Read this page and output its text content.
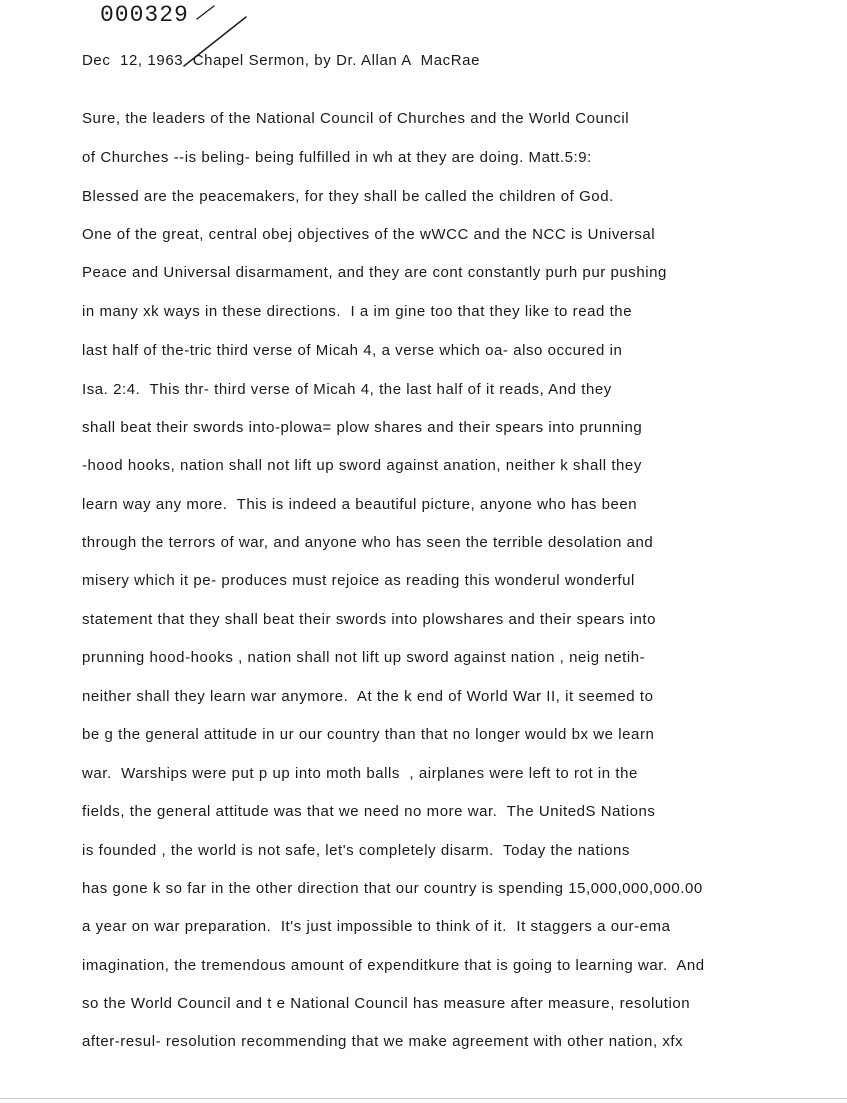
000329
Dec  12, 1963  Chapel Sermon, by Dr. Allan A  MacRae
Sure, the leaders of the National Council of Churches and the World Council
of Churches --is beling- being fulfilled in wh at they are doing. Matt.5:9:
Blessed are the peacemakers, for they shall be called the children of God.
One of the great, central obej objectives of the wWCC and the NCC is Universal
Peace and Universal disarmament, and they are cont constantly purh pur pushing
in many xk ways in these directions.  I a im gine too that they like to read the
last half of the-tric third verse of Micah 4, a verse which oa- also occured in
Isa. 2:4.  This thr- third verse of Micah 4, the last half of it reads, And they
shall beat their swords into-plowa= plow shares and their spears into prunning
-hood hooks, nation shall not lift up sword against anation, neither k shall they
learn way any more.  This is indeed a beautiful picture, anyone who has been
through the terrors of war, and anyone who has seen the terrible desolation and
misery which it pe- produces must rejoice as reading this wonderul wonderful
statement that they shall beat their swords into plowshares and their spears into
prunning hood-hooks , nation shall not lift up sword against nation , neig netih-
neither shall they learn war anymore.  At the k end of World War II, it seemed to
be g the general attitude in ur our country than that no longer would bx we learn
war.  Warships were put p up into moth balls  , airplanes were left to rot in the
fields, the general attitude was that we need no more war.  The UnitedS Nations
is founded , the world is not safe, let's completely disarm.  Today the nations
has gone k so far in the other direction that our country is spending 15,000,000,000.00
a year on war preparation.  It's just impossible to think of it.  It staggers a our-ema
imagination, the tremendous amount of expenditkure that is going to learning war.  And
so the World Council and t e National Council has measure after measure, resolution
after-resul- resolution recommending that we make agreement with other nation, xfx
